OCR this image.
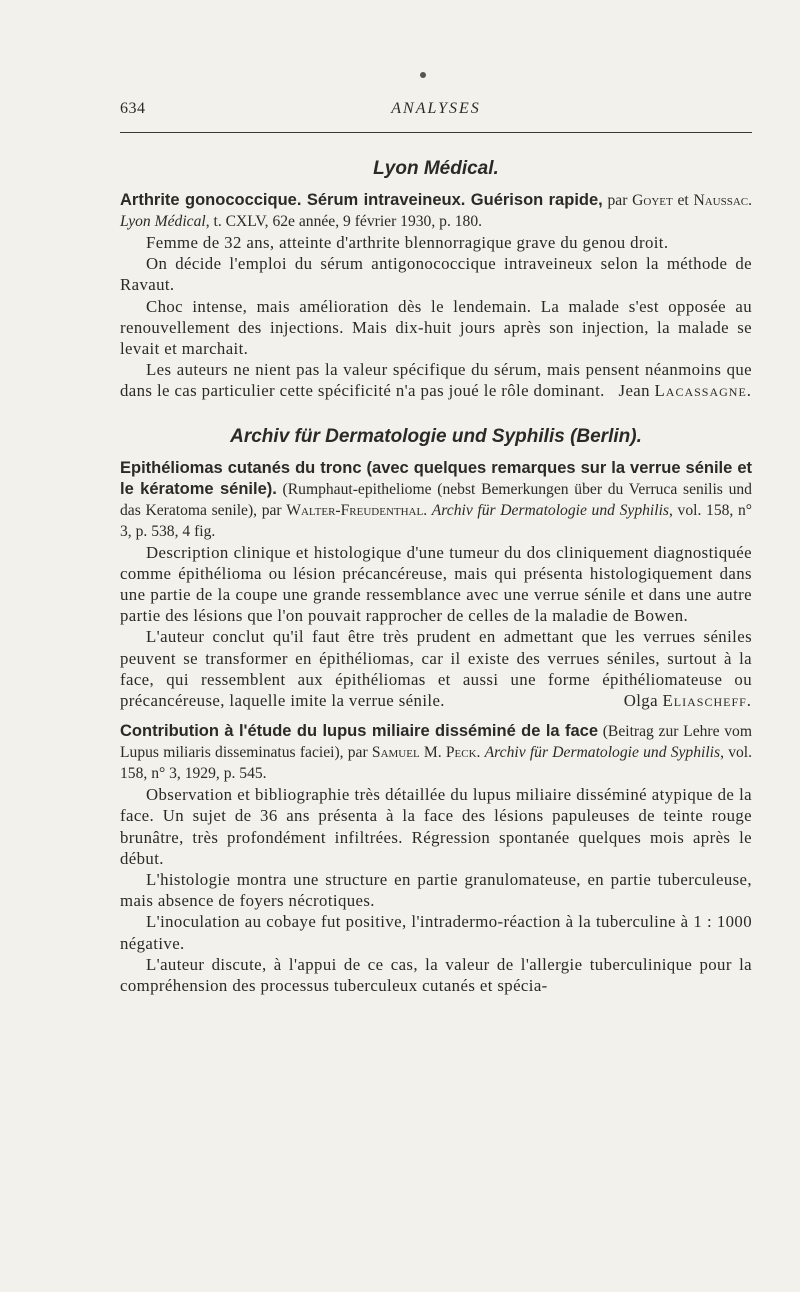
634	ANALYSES

Lyon Médical.

Arthrite gonococcique. Sérum intraveineux. Guérison rapide, par Goyet et Naussac. Lyon Médical, t. CXLV, 62e année, 9 février 1930, p. 180.

Femme de 32 ans, atteinte d'arthrite blennorragique grave du genou droit.

On décide l'emploi du sérum antigonococcique intraveineux selon la méthode de Ravaut.

Choc intense, mais amélioration dès le lendemain. La malade s'est opposée au renouvellement des injections. Mais dix-huit jours après son injection, la malade se levait et marchait.

Les auteurs ne nient pas la valeur spécifique du sérum, mais pensent néanmoins que dans le cas particulier cette spécificité n'a pas joué le rôle dominant. Jean Lacassagne.

Archiv für Dermatologie und Syphilis (Berlin).

Epithéliomas cutanés du tronc (avec quelques remarques sur la verrue sénile et le kératome sénile). (Rumphaut-epitheliome (nebst Bemerkungen über du Verruca senilis und das Keratoma senile), par Walter-Freudenthal. Archiv für Dermatologie und Syphilis, vol. 158, n° 3, p. 538, 4 fig.

Description clinique et histologique d'une tumeur du dos cliniquement diagnostiquée comme épithélioma ou lésion précancéreuse, mais qui présenta histologiquement dans une partie de la coupe une grande ressemblance avec une verrue sénile et dans une autre partie des lésions que l'on pouvait rapprocher de celles de la maladie de Bowen.

L'auteur conclut qu'il faut être très prudent en admettant que les verrues séniles peuvent se transformer en épithéliomas, car il existe des verrues séniles, surtout à la face, qui ressemblent aux épithéliomas et aussi une forme épithéliomateuse ou précancéreuse, laquelle imite la verrue sénile.	Olga Eliascheff.

Contribution à l'étude du lupus miliaire disséminé de la face (Beitrag zur Lehre vom Lupus miliaris disseminatus faciei), par Samuel M. Peck. Archiv für Dermatologie und Syphilis, vol. 158, n° 3, 1929, p. 545.

Observation et bibliographie très détaillée du lupus miliaire disséminé atypique de la face. Un sujet de 36 ans présenta à la face des lésions papuleuses de teinte rouge brunâtre, très profondément infiltrées. Régression spontanée quelques mois après le début.

L'histologie montra une structure en partie granulomateuse, en partie tuberculeuse, mais absence de foyers nécrotiques.

L'inoculation au cobaye fut positive, l'intradermo-réaction à la tuberculine à 1 : 1000 négative.

L'auteur discute, à l'appui de ce cas, la valeur de l'allergie tuberculinique pour la compréhension des processus tuberculeux cutanés et spécia-
